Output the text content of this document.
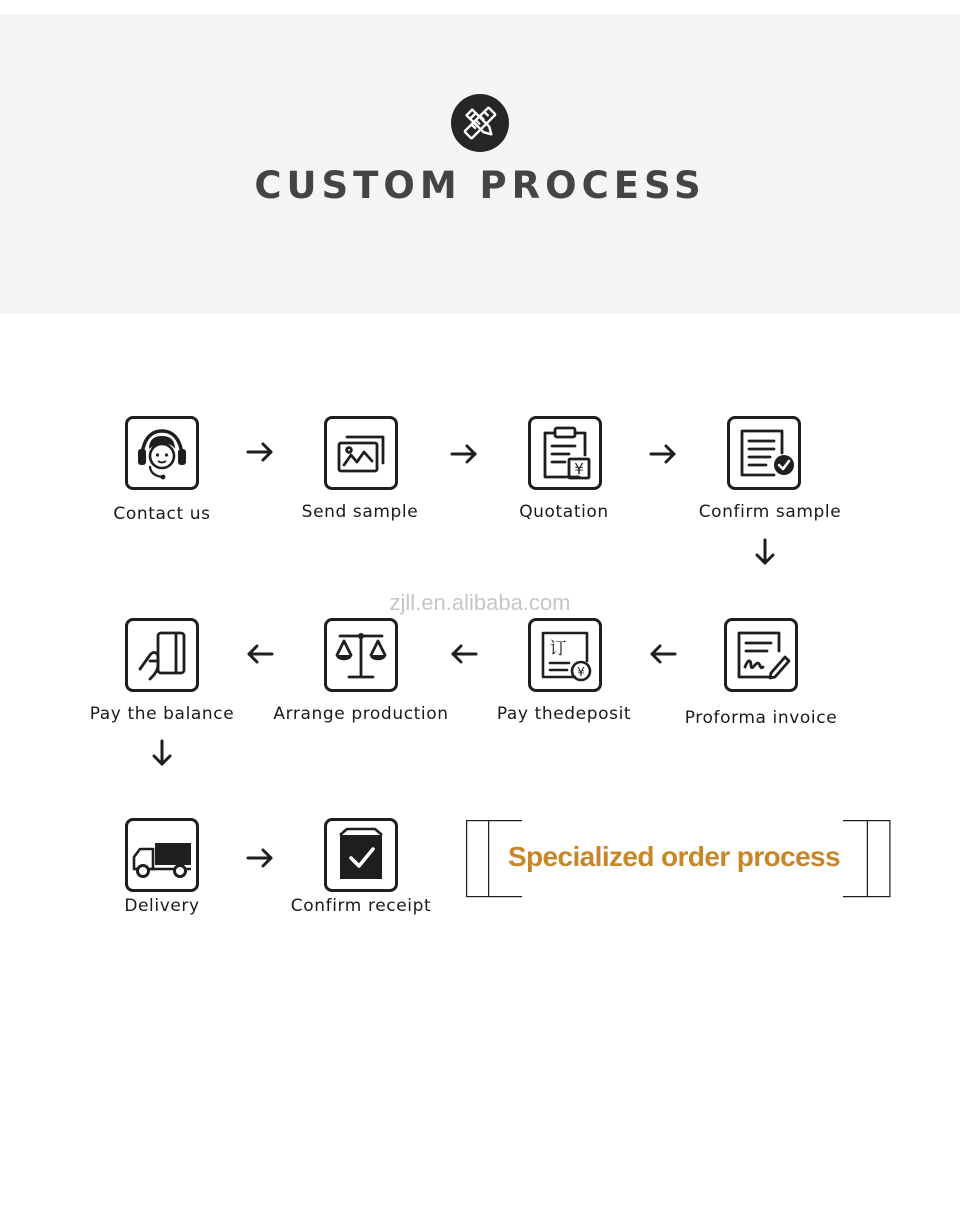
CUSTOM PROCESS
Contact us	Send sample
¥
Quotation	Confirm sample
zjll.en.alibaba.com
Pay the balance	Arrange production
订
¥
Pay thedeposit	Proforma invoice
Delivery	Confirm receipt
Specialized order process
